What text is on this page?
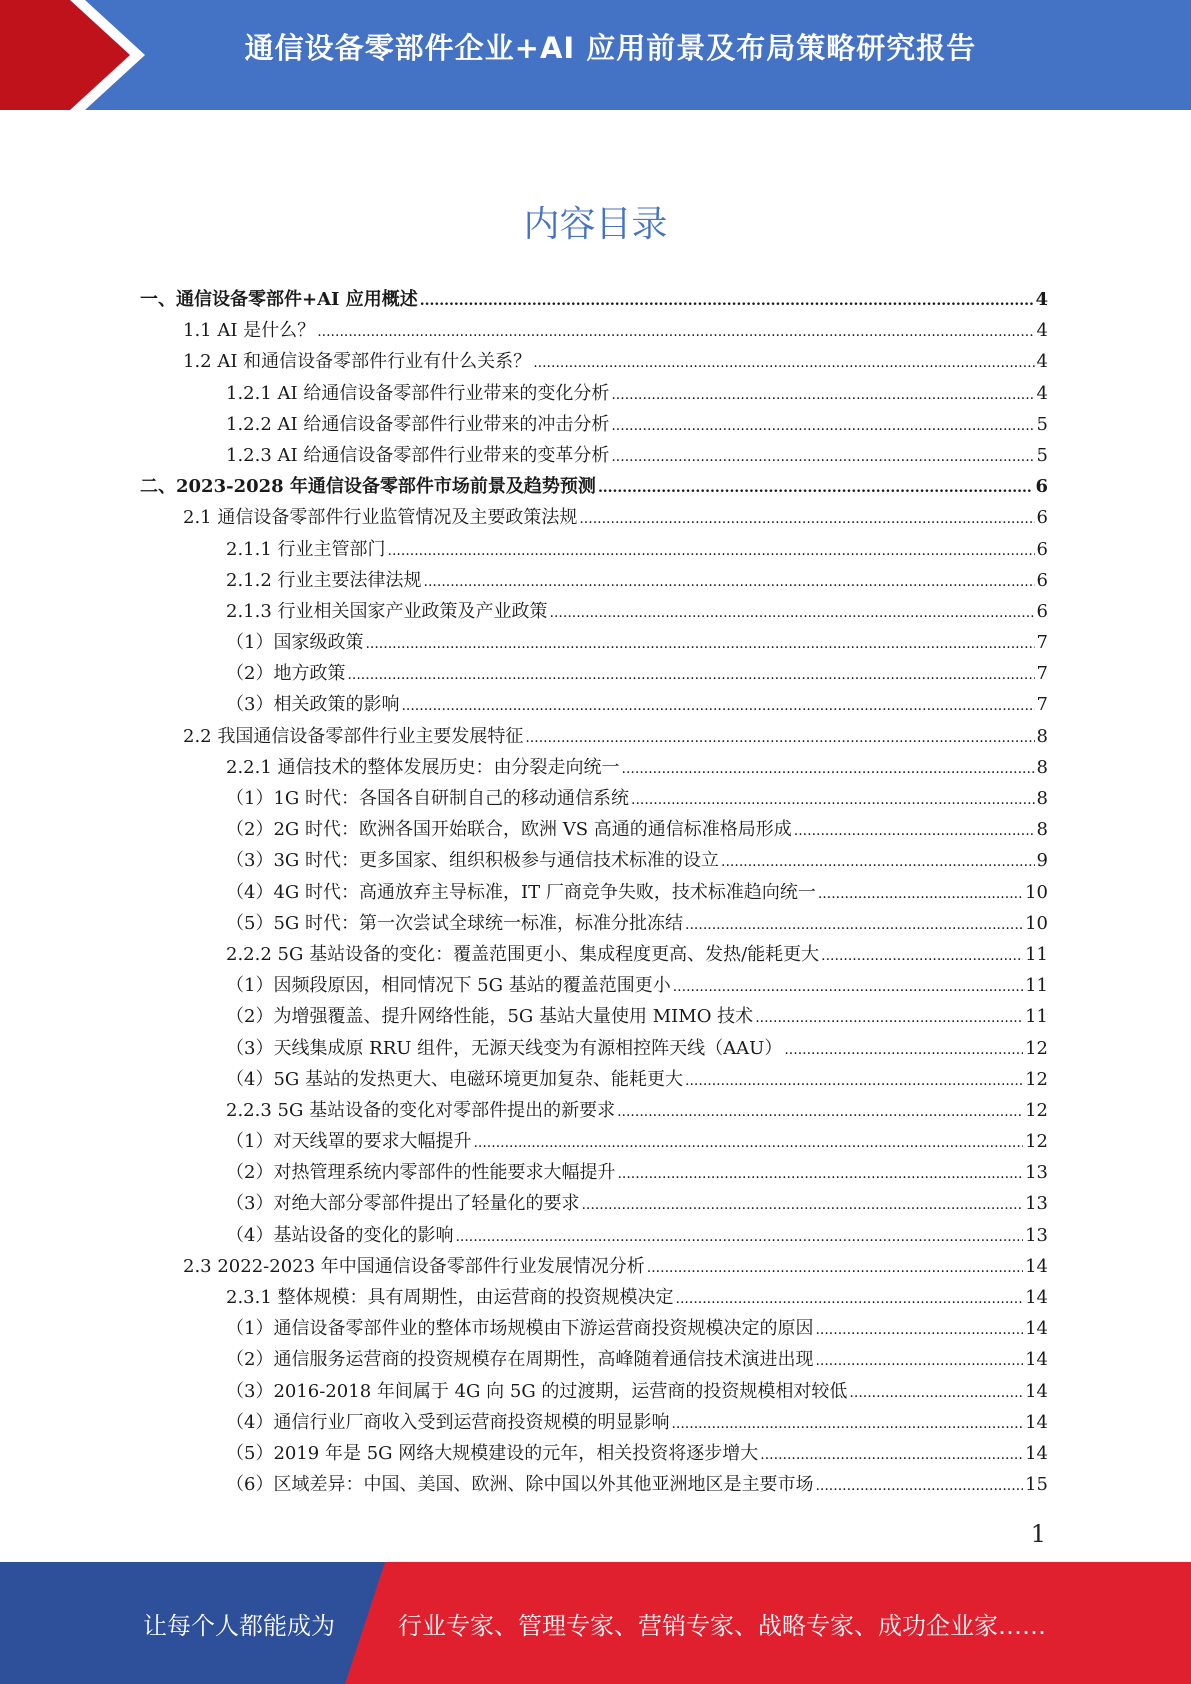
通信设备零部件企业+AI 应用前景及布局策略研究报告
内容目录
一、通信设备零部件+AI 应用概述 .....	4
1.1 AI 是什么？ .....	4
1.2 AI 和通信设备零部件行业有什么关系？ .....	4
1.2.1 AI 给通信设备零部件行业带来的变化分析 .....	4
1.2.2 AI 给通信设备零部件行业带来的冲击分析 .....	5
1.2.3 AI 给通信设备零部件行业带来的变革分析 .....	5
二、2023-2028 年通信设备零部件市场前景及趋势预测 .....	6
2.1 通信设备零部件行业监管情况及主要政策法规 .....	6
2.1.1 行业主管部门 .....	6
2.1.2 行业主要法律法规 .....	6
2.1.3 行业相关国家产业政策及产业政策 .....	6
（1）国家级政策 .....	7
（2）地方政策 .....	7
（3）相关政策的影响 .....	7
2.2 我国通信设备零部件行业主要发展特征 .....	8
2.2.1 通信技术的整体发展历史：由分裂走向统一 .....	8
（1）1G 时代：各国各自研制自己的移动通信系统 .....	8
（2）2G 时代：欧洲各国开始联合，欧洲 VS 高通的通信标准格局形成 .....	8
（3）3G 时代：更多国家、组织积极参与通信技术标准的设立 .....	9
（4）4G 时代：高通放弃主导标准，IT 厂商竞争失败，技术标准趋向统一 .....	10
（5）5G 时代：第一次尝试全球统一标准，标准分批冻结 .....	10
2.2.2 5G 基站设备的变化：覆盖范围更小、集成程度更高、发热/能耗更大 .....	11
（1）因频段原因，相同情况下 5G 基站的覆盖范围更小 .....	11
（2）为增强覆盖、提升网络性能，5G 基站大量使用 MIMO 技术 .....	11
（3）天线集成原 RRU 组件，无源天线变为有源相控阵天线（AAU） .....	12
（4）5G 基站的发热更大、电磁环境更加复杂、能耗更大 .....	12
2.2.3 5G 基站设备的变化对零部件提出的新要求 .....	12
（1）对天线罩的要求大幅提升 .....	12
（2）对热管理系统内零部件的性能要求大幅提升 .....	13
（3）对绝大部分零部件提出了轻量化的要求 .....	13
（4）基站设备的变化的影响 .....	13
2.3 2022-2023 年中国通信设备零部件行业发展情况分析 .....	14
2.3.1 整体规模：具有周期性，由运营商的投资规模决定 .....	14
（1）通信设备零部件业的整体市场规模由下游运营商投资规模决定的原因 .....	14
（2）通信服务运营商的投资规模存在周期性，高峰随着通信技术演进出现 .....	14
（3）2016-2018 年间属于 4G 向 5G 的过渡期，运营商的投资规模相对较低 .....	14
（4）通信行业厂商收入受到运营商投资规模的明显影响 .....	14
（5）2019 年是 5G 网络大规模建设的元年，相关投资将逐步增大 .....	14
（6）区域差异：中国、美国、欧洲、除中国以外其他亚洲地区是主要市场 .....	15
1
让每个人都能成为	行业专家、管理专家、营销专家、战略专家、成功企业家……
